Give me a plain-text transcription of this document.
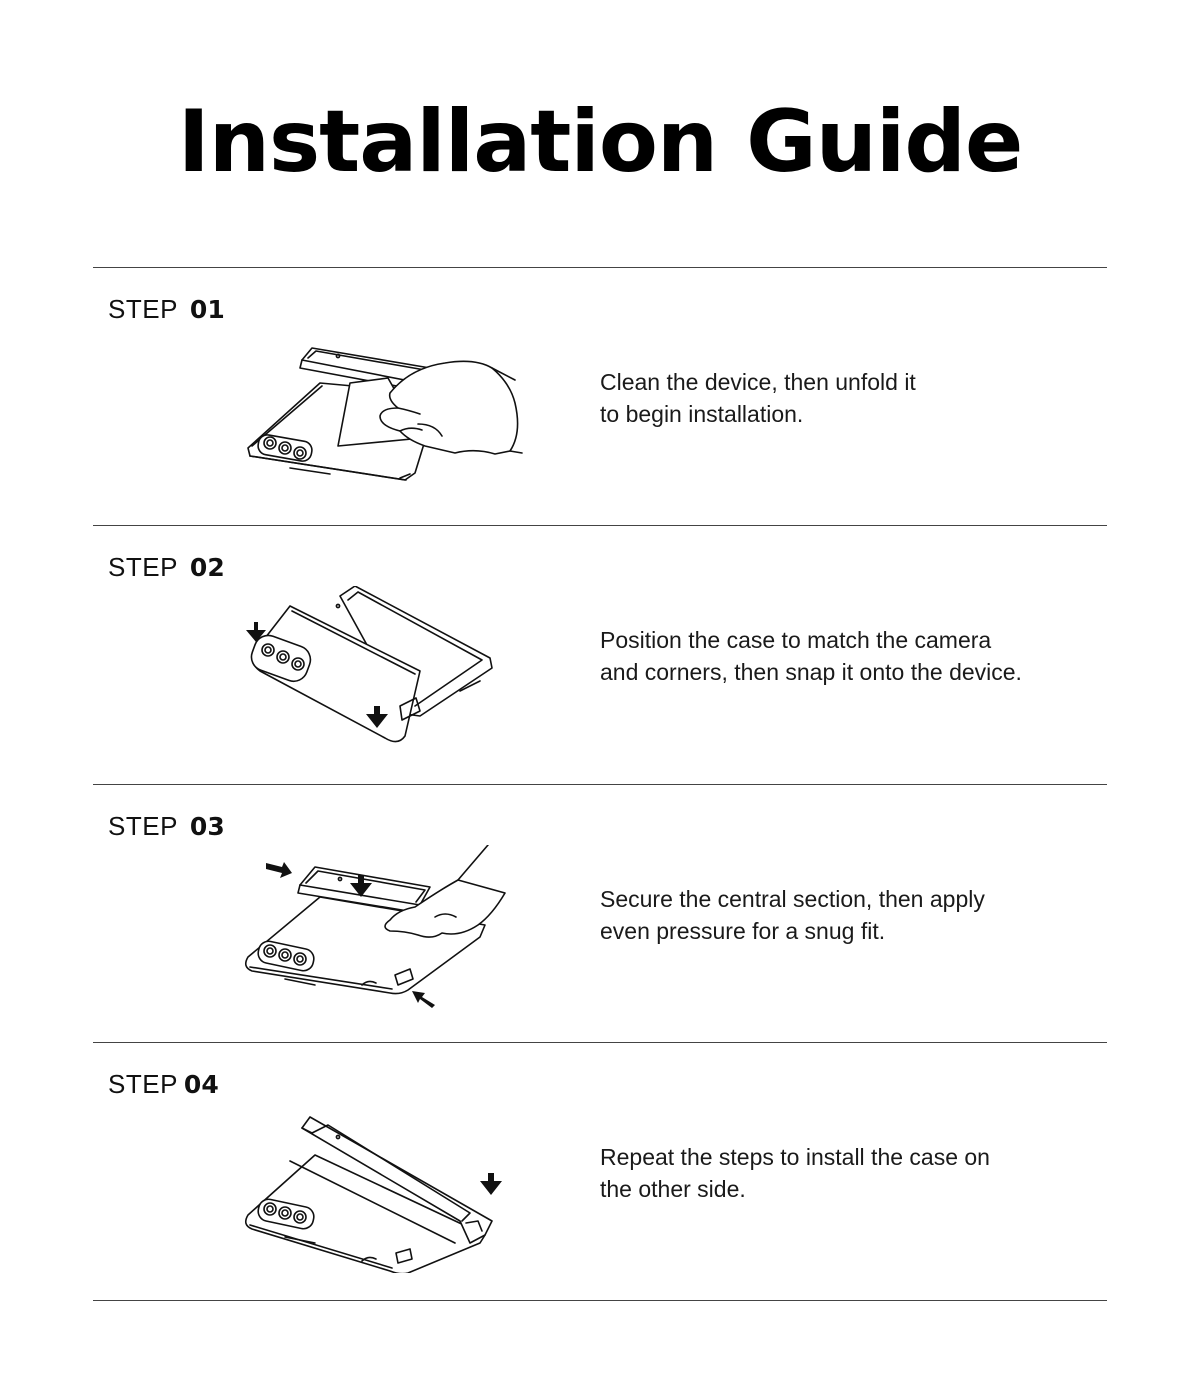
Installation Guide
STEP 01

Clean the device, then unfold it
to begin installation.

STEP 02

Position the case to match the camera
and corners, then snap it onto the device.

STEP 03

Secure the central section, then apply
even pressure for a snug fit.

STEP 04

Repeat the steps to install the case on
the other side.
